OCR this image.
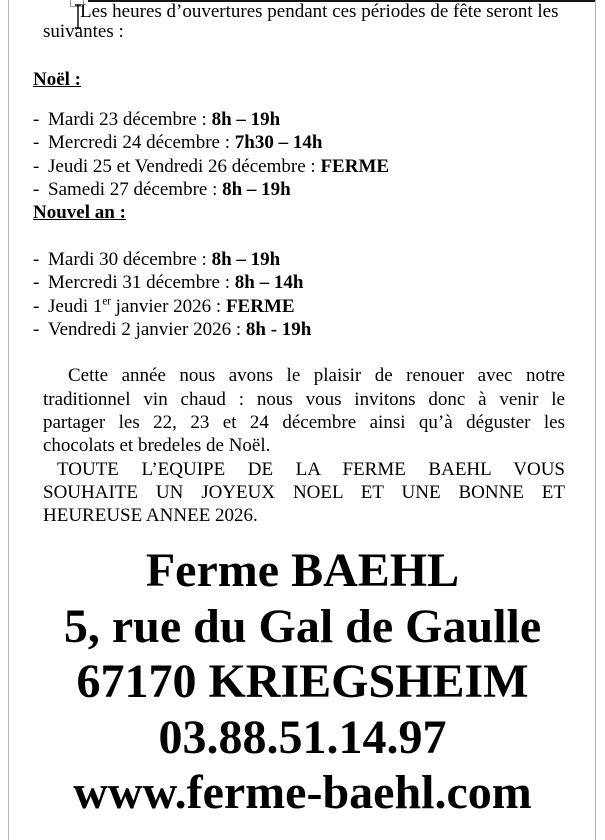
Les heures d’ouvertures pendant ces périodes de fête seront les
suivantes :

Noël :
- Mardi 23 décembre : 8h – 19h
- Mercredi 24 décembre : 7h30 – 14h
- Jeudi 25 et Vendredi 26 décembre : FERME
- Samedi 27 décembre : 8h – 19h
Nouvel an :
- Mardi 30 décembre : 8h – 19h
- Mercredi 31 décembre : 8h – 14h
- Jeudi 1er janvier 2026 : FERME
- Vendredi 2 janvier 2026 : 8h - 19h

Cette année nous avons le plaisir de renouer avec notre
traditionnel vin chaud : nous vous invitons donc à venir le
partager les 22, 23 et 24 décembre ainsi qu’à déguster les
chocolats et bredeles de Noël.

TOUTE L’EQUIPE DE LA FERME BAEHL VOUS
SOUHAITE UN JOYEUX NOEL ET UNE BONNE ET
HEUREUSE ANNEE 2026.

Ferme BAEHL
5, rue du Gal de Gaulle
67170 KRIEGSHEIM
03.88.51.14.97
www.ferme-baehl.com
